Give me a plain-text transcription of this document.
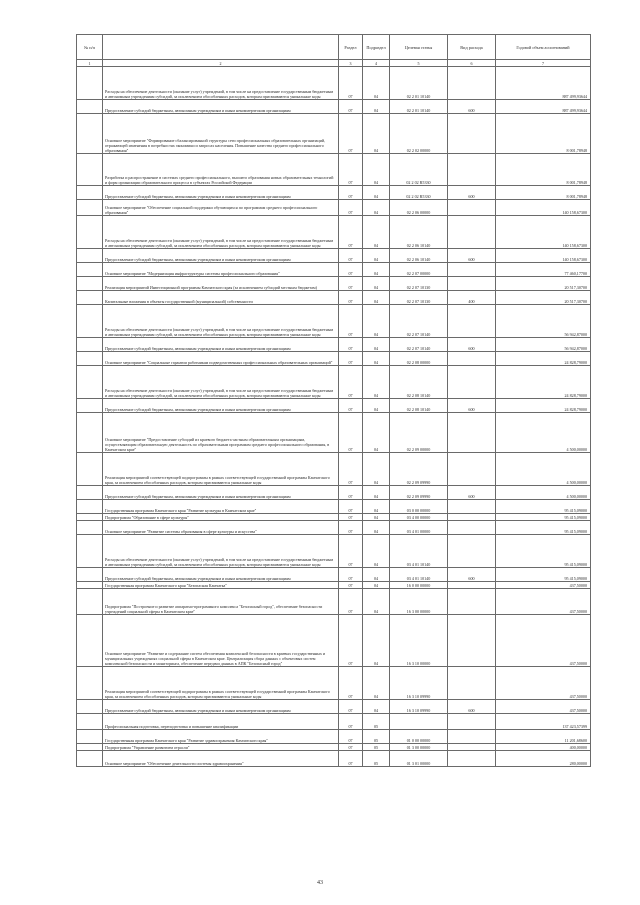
№ п/п		Раздел	Подраздел	Целевая статья	Вид расхода	Годовой объем ассигнований
1	2	3	4	5	6	7
	Расходы на обеспечение деятельности (оказание услуг) учреждений, в том числе на предоставление государственным бюджетным и автономным учреждениям субсидий, за исключением обособленных расходов, которым присваиваются уникальные коды	07	04	02 2 01 10140		887 499,93644
	Предоставление субсидий бюджетным, автономным учреждениям и иным некоммерческим организациям	07	04	02 2 01 10140	600	887 499,93644
	Основное мероприятие "Формирование сбалансированной структуры сети профессиональных образовательных организаций, отражающей изменения в потребностях экономики и запросах населения. Повышение качества среднего профессионального образования"	07	04	02 2 02 00000		8 001,78948
	Разработка и распространение в системах среднего профессионального, высшего образования новых образовательных технологий и форм организации образовательного процесса в субъектах Российской Федерации	07	04	02 2 02 R5330		8 001,78948
	Предоставление субсидий бюджетным, автономным учреждениям и иным некоммерческим организациям	07	04	02 2 02 R5330	600	8 001,78948
	Основное мероприятие "Обеспечение социальной поддержки обучающихся по программам среднего профессионального образования"	07	04	02 2 06 00000		140 158,67300
	Расходы на обеспечение деятельности (оказание услуг) учреждений, в том числе на предоставление государственным бюджетным и автономным учреждениям субсидий, за исключением обособленных расходов, которым присваиваются уникальные коды	07	04	02 2 06 10140		140 158,67300
	Предоставление субсидий бюджетным, автономным учреждениям и иным некоммерческим организациям	07	04	02 2 06 10140	600	140 158,67300
	Основное мероприятие "Модернизация инфраструктуры системы профессионального образования"	07	04	02 2 07 00000		77 460,17700
	Реализация мероприятий Инвестиционной программы Камчатского края (за исключением субсидий местным бюджетам)	07	04	02 2 07 10130		20 517,30700
	Капитальные вложения в объекты государственной (муниципальной) собственности	07	04	02 2 07 10130	400	20 517,30700
	Расходы на обеспечение деятельности (оказание услуг) учреждений, в том числе на предоставление государственным бюджетным и автономным учреждениям субсидий, за исключением обособленных расходов, которым присваиваются уникальные коды	07	04	02 2 07 10140		56 942,87000
	Предоставление субсидий бюджетным, автономным учреждениям и иным некоммерческим организациям	07	04	02 2 07 10140	600	56 942,87000
	Основное мероприятие "Социальные гарантии работникам подведомственных профессиональных образовательных организаций"	07	04	02 2 08 00000		24 828,79000
	Расходы на обеспечение деятельности (оказание услуг) учреждений, в том числе на предоставление государственным бюджетным и автономным учреждениям субсидий, за исключением обособленных расходов, которым присваиваются уникальные коды	07	04	02 2 08 10140		24 828,79000
	Предоставление субсидий бюджетным, автономным учреждениям и иным некоммерческим организациям	07	04	02 2 08 10140	600	24 828,79000
	Основное мероприятие "Предоставление субсидий из краевого бюджета частным образовательным организациям, осуществляющим образовательную деятельность по образовательным программам среднего профессионального образования, в Камчатском крае"	07	04	02 2 09 00000		4 500,00000
	Реализация мероприятий соответствующей подпрограммы в рамках соответствующей государственной программы Камчатского края, за исключением обособленных расходов, которым присваиваются уникальные коды	07	04	02 2 09 09990		4 500,00000
	Предоставление субсидий бюджетным, автономным учреждениям и иным некоммерческим организациям	07	04	02 2 09 09990	600	4 500,00000
	Государственная программа Камчатского края "Развитие культуры в Камчатском крае"	07	04	03 0 00 00000		95 415,09000
	Подпрограмма "Образование в сфере культуры"	07	04	03 4 00 00000		95 415,09000
	Основное мероприятие "Развитие системы образования в сфере культуры и искусства"	07	04	03 4 01 00000		95 415,09000
	Расходы на обеспечение деятельности (оказание услуг) учреждений, в том числе на предоставление государственным бюджетным и автономным учреждениям субсидий, за исключением обособленных расходов, которым присваиваются уникальные коды	07	04	03 4 01 10140		95 415,09000
	Предоставление субсидий бюджетным, автономным учреждениям и иным некоммерческим организациям	07	04	03 4 01 10140	600	95 415,09000
	Государственная программа Камчатского края "Безопасная Камчатка"	07	04	16 0 00 00000		437,50000
	Подпрограмма "Построение и развитие аппаратно-программного комплекса "Безопасный город", обеспечение безопасности учреждений социальной сферы в Камчатском крае"	07	04	16 3 00 00000		437,50000
	Основное мероприятие "Развитие и содержание систем обеспечения комплексной безопасности в краевых государственных и муниципальных учреждениях социальной сферы в Камчатском крае. Централизация сбора данных с объектовых систем комплексной безопасности и мониторинга, обеспечение передачи данных в АПК "Безопасный город"	07	04	16 3 10 00000		437,50000
	Реализация мероприятий соответствующей подпрограммы в рамках соответствующей государственной программы Камчатского края, за исключением обособленных расходов, которым присваиваются уникальные коды	07	04	16 3 10 09990		437,50000
	Предоставление субсидий бюджетным, автономным учреждениям и иным некоммерческим организациям	07	04	16 3 10 09990	600	437,50000
	Профессиональная подготовка, переподготовка и повышение квалификации	07	05			137 423,57399
	Государственная программа Камчатского края "Развитие здравоохранения Камчатского края"	07	05	01 0 00 00000		11 201,68600
	Подпрограмма "Управление развитием отрасли"	07	05	01 3 00 00000		400,00000
	Основное мероприятие "Обеспечение деятельности системы здравоохранения"	07	05	01 3 01 00000		280,00000
43
